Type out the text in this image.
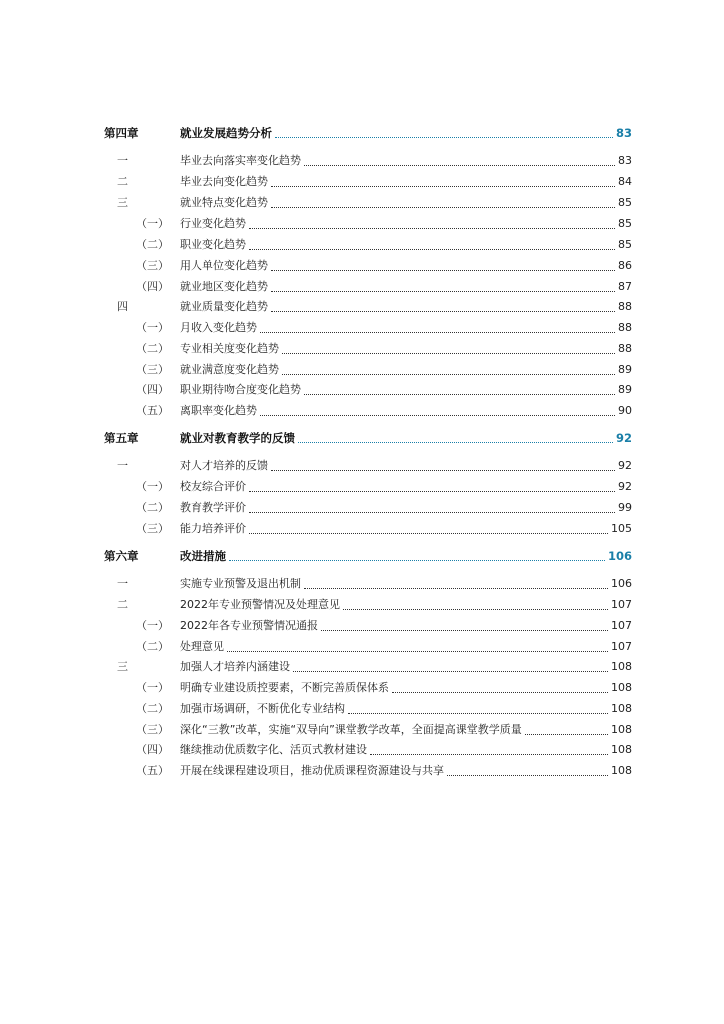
第四章	就业发展趋势分析	83
一	毕业去向落实率变化趋势	83
二	毕业去向变化趋势	84
三	就业特点变化趋势	85
（一） 行业变化趋势	85
（二） 职业变化趋势	85
（三） 用人单位变化趋势	86
（四） 就业地区变化趋势	87
四	就业质量变化趋势	88
（一） 月收入变化趋势	88
（二） 专业相关度变化趋势	88
（三） 就业满意度变化趋势	89
（四） 职业期待吻合度变化趋势	89
（五） 离职率变化趋势	90
第五章	就业对教育教学的反馈	92
一	对人才培养的反馈	92
（一） 校友综合评价	92
（二） 教育教学评价	99
（三） 能力培养评价	105
第六章	改进措施	106
一	实施专业预警及退出机制	106
二	2022年专业预警情况及处理意见	107
（一） 2022年各专业预警情况通报	107
（二） 处理意见	107
三	加强人才培养内涵建设	108
（一） 明确专业建设质控要素，不断完善质保体系	108
（二） 加强市场调研，不断优化专业结构	108
（三） 深化“三教”改革，实施“双导向”课堂教学改革，全面提高课堂教学质量	108
（四） 继续推动优质数字化、活页式教材建设	108
（五） 开展在线课程建设项目，推动优质课程资源建设与共享	108
